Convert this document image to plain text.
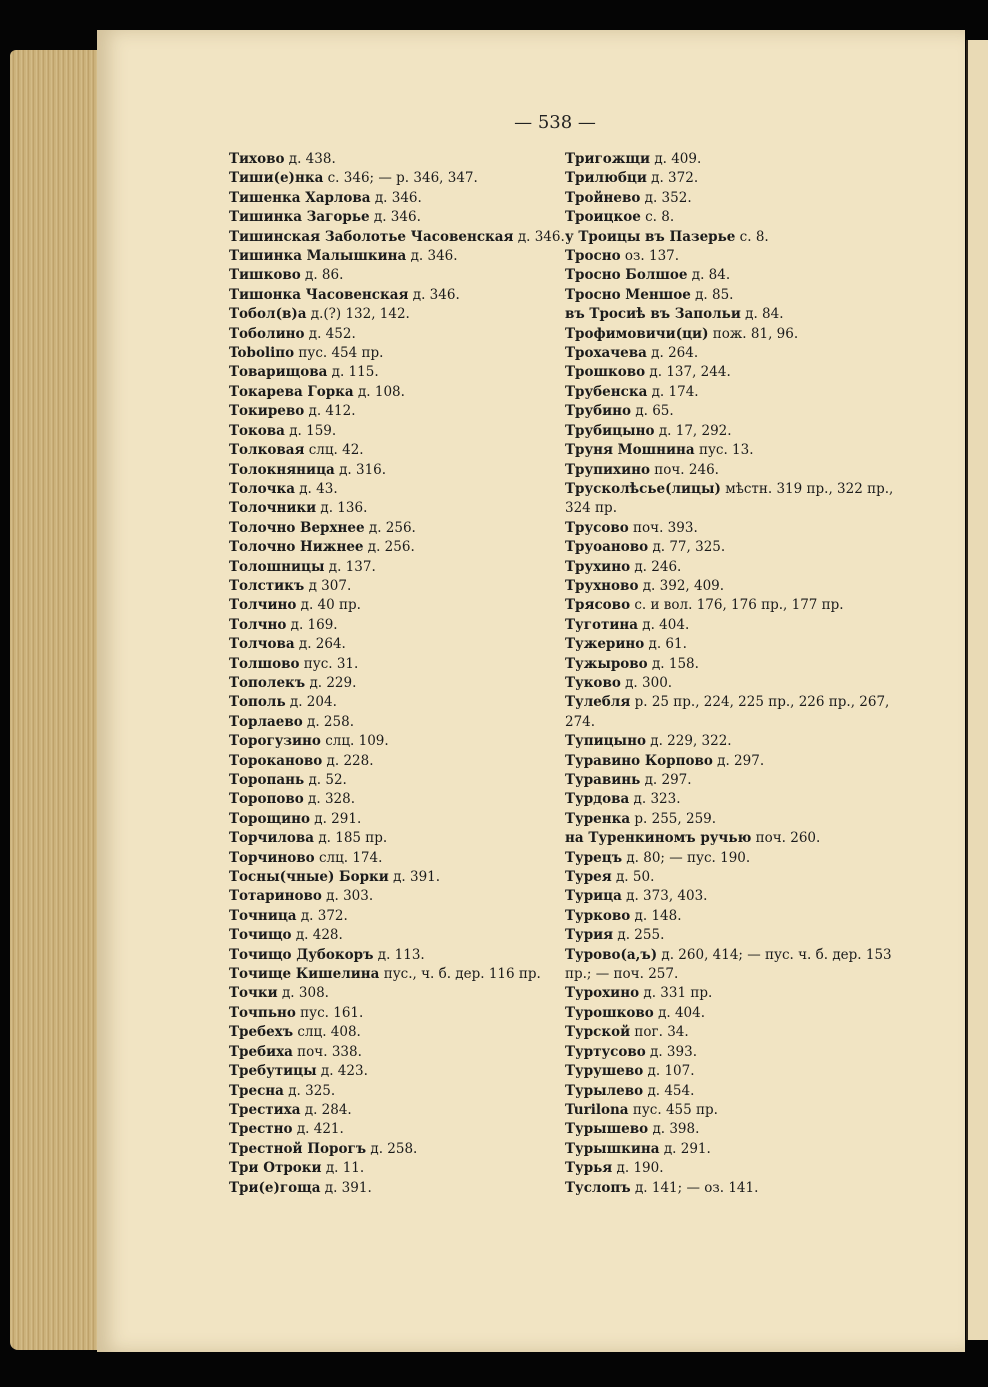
— 538 —
Тихово д. 438.
Тиши(е)нка с. 346; — р. 346, 347.
Тишенка Харлова д. 346.
Тишинка Загорье д. 346.
Тишинская Заболотье Часовенская д. 346.
Тишинка Малышкина д. 346.
Тишково д. 86.
Тишонка Часовенская д. 346.
Тобол(в)а д.(?) 132, 142.
Тоболино д. 452.
Toboliпo пус. 454 пр.
Товарищова д. 115.
Токарева Горка д. 108.
Токирево д. 412.
Токова д. 159.
Толковая слц. 42.
Толокняница д. 316.
Толочка д. 43.
Толочники д. 136.
Толочно Верхнее д. 256.
Толочно Нижнее д. 256.
Толошницы д. 137.
Толстикъ д 307.
Толчино д. 40 пр.
Толчно д. 169.
Толчова д. 264.
Толшово пус. 31.
Тополекъ д. 229.
Тополь д. 204.
Торлаево д. 258.
Торогузино слц. 109.
Торокановo д. 228.
Торопань д. 52.
Торопово д. 328.
Торощино д. 291.
Торчилова д. 185 пр.
Торчиново слц. 174.
Тосны(чные) Борки д. 391.
Тотариново д. 303.
Точница д. 372.
Точищо д. 428.
Точищо Дубокоръ д. 113.
Точище Кишелина пус., ч. б. дер. 116 пр.
Точки д. 308.
Точпьно пус. 161.
Требехъ слц. 408.
Требиха поч. 338.
Требутицы д. 423.
Тресна д. 325.
Трестиха д. 284.
Трестно д. 421.
Трестной Порогъ д. 258.
Три Отроки д. 11.
Три(е)гоща д. 391.
Тригожщи д. 409.
Трилюбци д. 372.
Тройнево д. 352.
Троицкое с. 8.
у Троицы въ Пазерье с. 8.
Тросно оз. 137.
Тросно Болшое д. 84.
Тросно Меншое д. 85.
въ Тросиѣ въ Запольи д. 84.
Трофимовичи(ци) пож. 81, 96.
Трохачева д. 264.
Трошково д. 137, 244.
Трубенска д. 174.
Трубино д. 65.
Трубицыно д. 17, 292.
Труня Мошнина пус. 13.
Трупихино поч. 246.
Трусколѣсье(лицы) мѣстн. 319 пр., 322 пр., 324 пр.
Трусово поч. 393.
Труоаново д. 77, 325.
Трухино д. 246.
Трухново д. 392, 409.
Трясово с. и вол. 176, 176 пр., 177 пр.
Туготина д. 404.
Тужерино д. 61.
Тужырово д. 158.
Туково д. 300.
Тулебля р. 25 пр., 224, 225 пр., 226 пр., 267, 274.
Тупицыно д. 229, 322.
Туравино Корпово д. 297.
Туравинь д. 297.
Турдова д. 323.
Туренка р. 255, 259.
на Туренкиномъ ручью поч. 260.
Турецъ д. 80; — пус. 190.
Турея д. 50.
Турица д. 373, 403.
Турково д. 148.
Турия д. 255.
Турово(а,ъ) д. 260, 414; — пус. ч. б. дер. 153 пр.; — поч. 257.
Турохино д. 331 пр.
Турошково д. 404.
Турской пог. 34.
Туртусово д. 393.
Турушево д. 107.
Турылево д. 454.
Turilona пус. 455 пр.
Турышево д. 398.
Турышкина д. 291.
Турья д. 190.
Туслопъ д. 141; — оз. 141.
